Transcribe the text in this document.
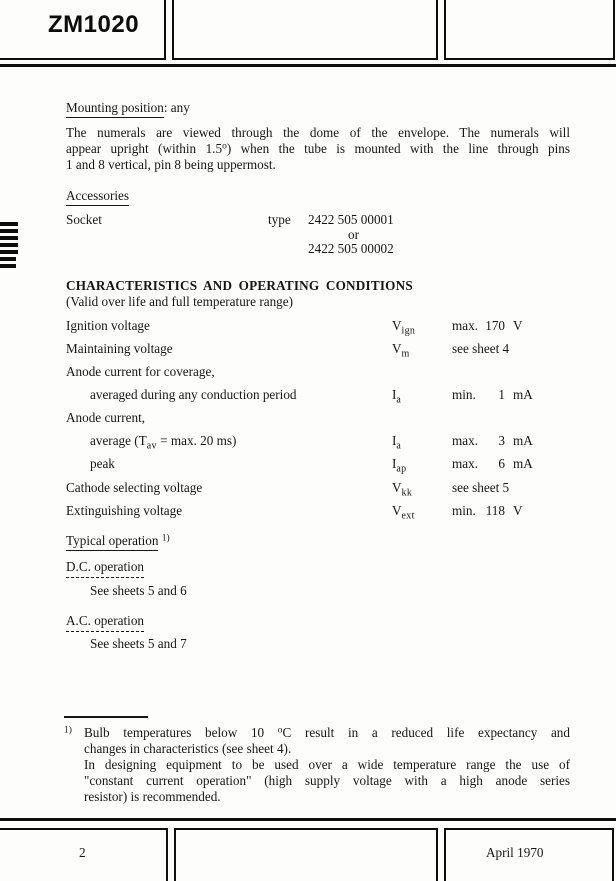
ZM1020
Mounting position: any
The numerals are viewed through the dome of the envelope. The numerals will
appear upright (within 1.5$^o$) when the tube is mounted with the line through pins
1 and 8 vertical, pin 8 being uppermost.
Accessories
Socket	type 2422 505 00001
or
2422 505 00002
CHARACTERISTICS AND OPERATING CONDITIONS
(Valid over life and full temperature range)
Ignition voltage	$V_{ign}$	max. 170 V
Maintaining voltage	$V_m$	see sheet 4
Anode current for coverage,
averaged during any conduction period	$I_a$	min.	1 mA
Anode current,
average ($T_{av} = \max$. 20 ms)	$I_a$	max.	3 mA
peak	$I_{ap}$	max.	6 mA
Cathode selecting voltage	$V_{kk}$	see sheet 5
Extinguishing voltage	$V_{ext}$	min. 118 V
Typical operation $^{1)}$
D.C. operation
See sheets 5 and 6
A.C. operation
See sheets 5 and 7
$^{1)}$ Bulb temperatures below 10 $^o$C result in a reduced life expectancy and
changes in characteristics (see sheet 4).
In designing equipment to be used over a wide temperature range the use of
"constant current operation" (high supply voltage with a high anode series
resistor) is recommended.
2	April 1970
